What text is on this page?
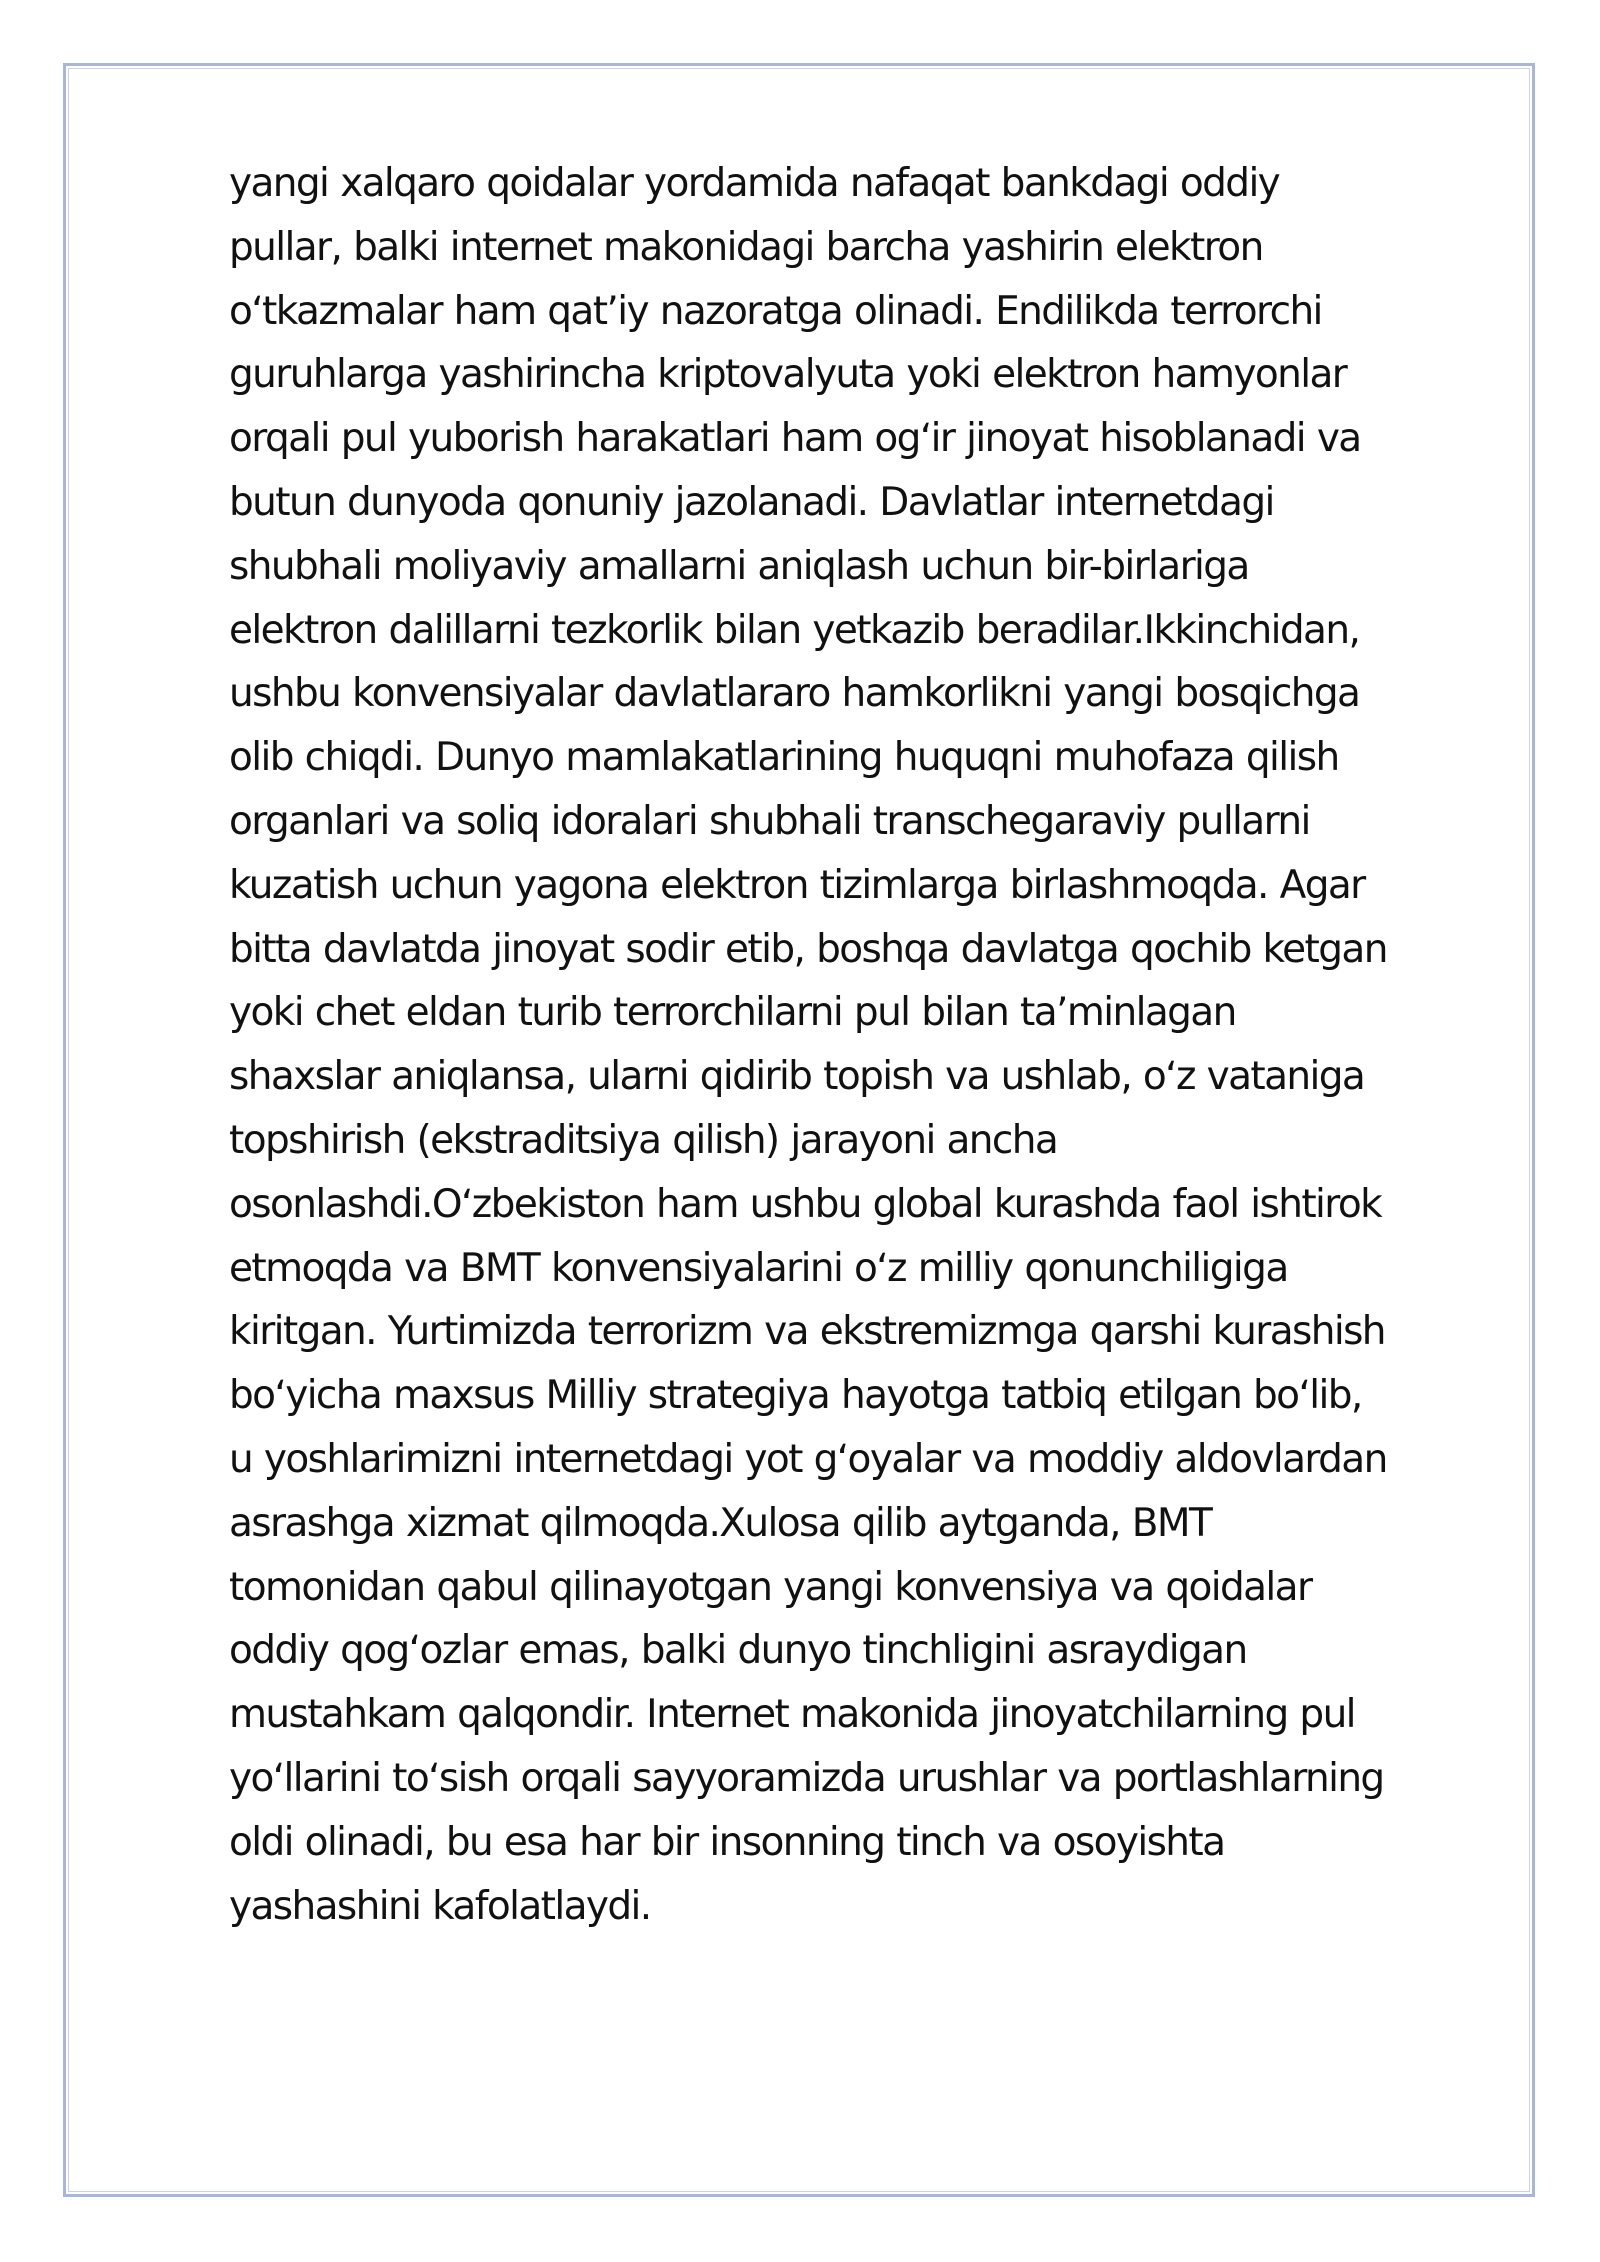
yangi xalqaro qoidalar yordamida nafaqat bankdagi oddiy
pullar, balki internet makonidagi barcha yashirin elektron
oʻtkazmalar ham qatʼiy nazoratga olinadi. Endilikda terrorchi
guruhlarga yashirincha kriptovalyuta yoki elektron hamyonlar
orqali pul yuborish harakatlari ham ogʻir jinoyat hisoblanadi va
butun dunyoda qonuniy jazolanadi. Davlatlar internetdagi
shubhali moliyaviy amallarni aniqlash uchun bir-birlariga
elektron dalillarni tezkorlik bilan yetkazib beradilar.Ikkinchidan,
ushbu konvensiyalar davlatlararo hamkorlikni yangi bosqichga
olib chiqdi. Dunyo mamlakatlarining huquqni muhofaza qilish
organlari va soliq idoralari shubhali transchegaraviy pullarni
kuzatish uchun yagona elektron tizimlarga birlashmoqda. Agar
bitta davlatda jinoyat sodir etib, boshqa davlatga qochib ketgan
yoki chet eldan turib terrorchilarni pul bilan taʼminlagan
shaxslar aniqlansa, ularni qidirib topish va ushlab, oʻz vataniga
topshirish (ekstraditsiya qilish) jarayoni ancha
osonlashdi.Oʻzbekiston ham ushbu global kurashda faol ishtirok
etmoqda va BMT konvensiyalarini oʻz milliy qonunchiligiga
kiritgan. Yurtimizda terrorizm va ekstremizmga qarshi kurashish
boʻyicha maxsus Milliy strategiya hayotga tatbiq etilgan boʻlib,
u yoshlarimizni internetdagi yot gʻoyalar va moddiy aldovlardan
asrashga xizmat qilmoqda.Xulosa qilib aytganda, BMT
tomonidan qabul qilinayotgan yangi konvensiya va qoidalar
oddiy qogʻozlar emas, balki dunyo tinchligini asraydigan
mustahkam qalqondir. Internet makonida jinoyatchilarning pul
yoʻllarini toʻsish orqali sayyoramizda urushlar va portlashlarning
oldi olinadi, bu esa har bir insonning tinch va osoyishta
yashashini kafolatlaydi.
